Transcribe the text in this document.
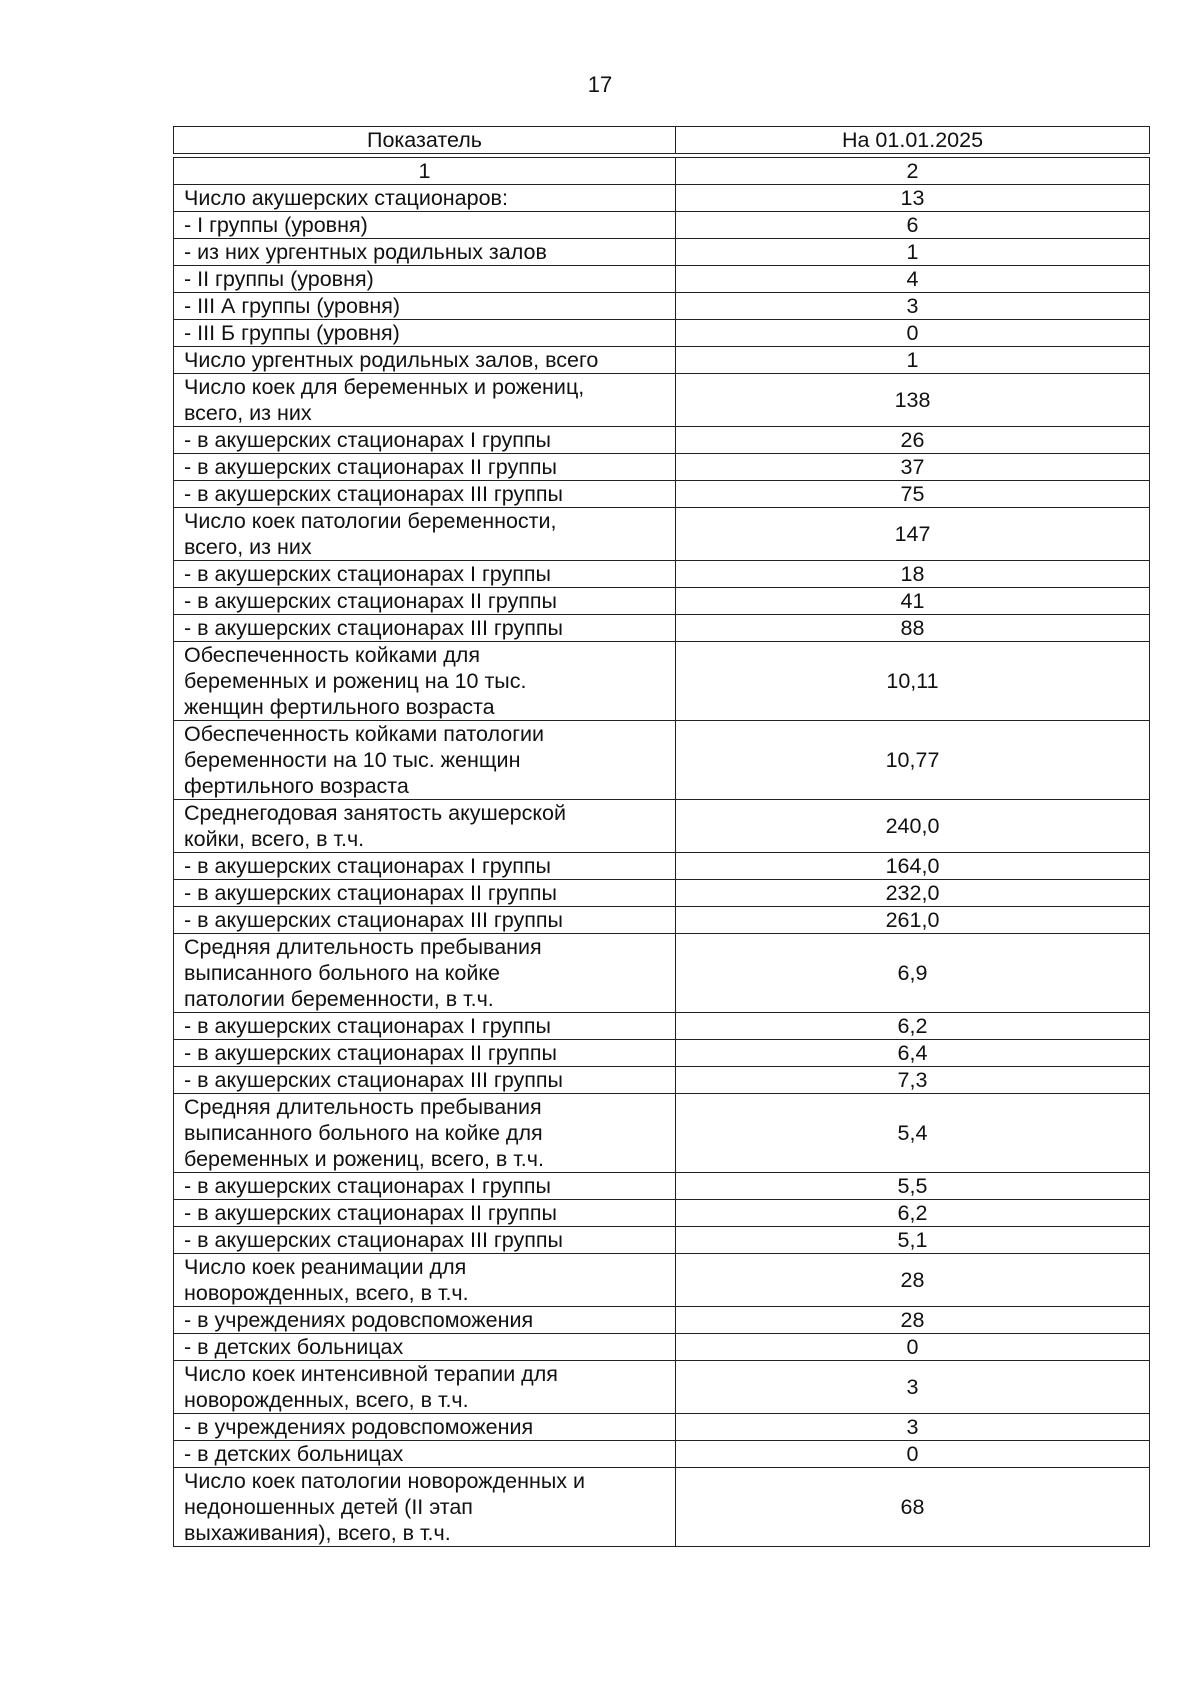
17
Показатель	На 01.01.2025

1	2
Число акушерских стационаров:	13
- I группы (уровня)	6
- из них ургентных родильных залов	1
- II группы (уровня)	4
- III А группы (уровня)	3
- III Б группы (уровня)	0
Число ургентных родильных залов, всего	1
Число коек для беременных и рожениц,
всего, из них	138
- в акушерских стационарах I группы	26
- в акушерских стационарах II группы	37
- в акушерских стационарах III группы	75
Число коек патологии беременности,
всего, из них	147
- в акушерских стационарах I группы	18
- в акушерских стационарах II группы	41
- в акушерских стационарах III группы	88
Обеспеченность койками для
беременных и рожениц на 10 тыс.
женщин фертильного возраста	10,11
Обеспеченность койками патологии
беременности на 10 тыс. женщин
фертильного возраста	10,77
Среднегодовая занятость акушерской
койки, всего, в т.ч.	240,0
- в акушерских стационарах I группы	164,0
- в акушерских стационарах II группы	232,0
- в акушерских стационарах III группы	261,0
Средняя длительность пребывания
выписанного больного на койке
патологии беременности, в т.ч.	6,9
- в акушерских стационарах I группы	6,2
- в акушерских стационарах II группы	6,4
- в акушерских стационарах III группы	7,3
Средняя длительность пребывания
выписанного больного на койке для
берeменных и рожениц, всего, в т.ч.	5,4
- в акушерских стационарах I группы	5,5
- в акушерских стационарах II группы	6,2
- в акушерских стационарах III группы	5,1
Число коек реанимации для
новорожденных, всего, в т.ч.	28
- в учреждениях родовспоможения	28
- в детских больницах	0
Число коек интенсивной терапии для
новорожденных, всего, в т.ч.	3
- в учреждениях родовспоможения	3
- в детских больницах	0
Число коек патологии новорожденных и
недоношенных детей (II этап
выхаживания), всего, в т.ч.	68
